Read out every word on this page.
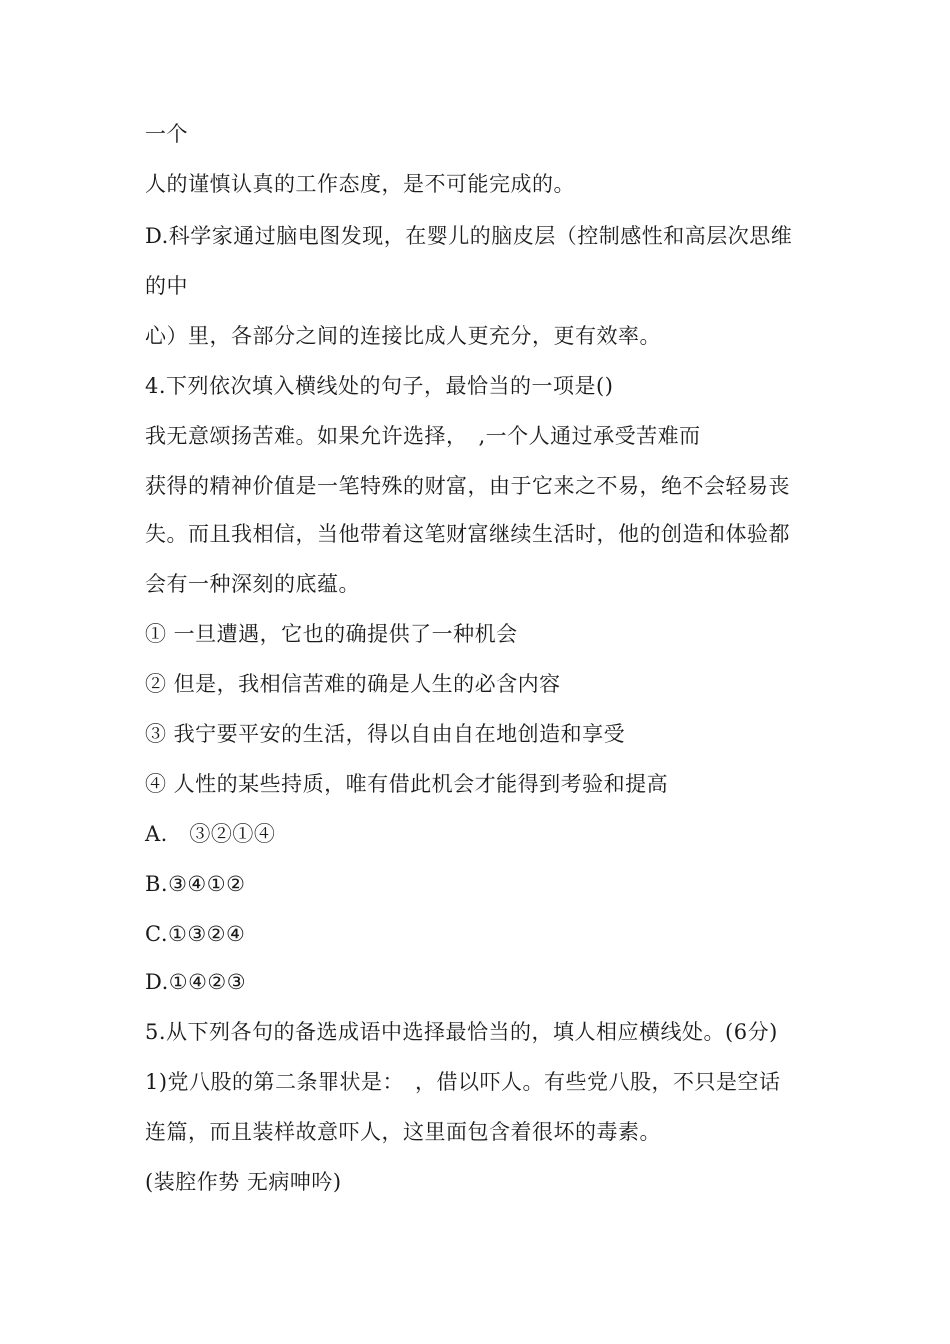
一个
人的谨慎认真的工作态度，是不可能完成的。
D.科学家通过脑电图发现，在婴儿的脑皮层（控制感性和高层次思维
的中
心）里，各部分之间的连接比成人更充分，更有效率。
4.下列依次填入横线处的句子，最恰当的一项是()
我无意颂扬苦难。如果允许选择，　,一个人通过承受苦难而
获得的精神价值是一笔特殊的财富，由于它来之不易，绝不会轻易丧
失。而且我相信，当他带着这笔财富继续生活时，他的创造和体验都
会有一种深刻的底蕴。
① 一旦遭遇，它也的确提供了一种机会
② 但是，我相信苦难的确是人生的必含内容
③ 我宁要平安的生活，得以自由自在地创造和享受
④ 人性的某些持质，唯有借此机会才能得到考验和提高
A.　③②①④
B.③④①②
C.①③②④
D.①④②③
5.从下列各句的备选成语中选择最恰当的，填人相应横线处。(6分)
1)党八股的第二条罪状是：　，借以吓人。有些党八股，不只是空话
连篇，而且装样故意吓人，这里面包含着很坏的毒素。
(装腔作势 无病呻吟)
